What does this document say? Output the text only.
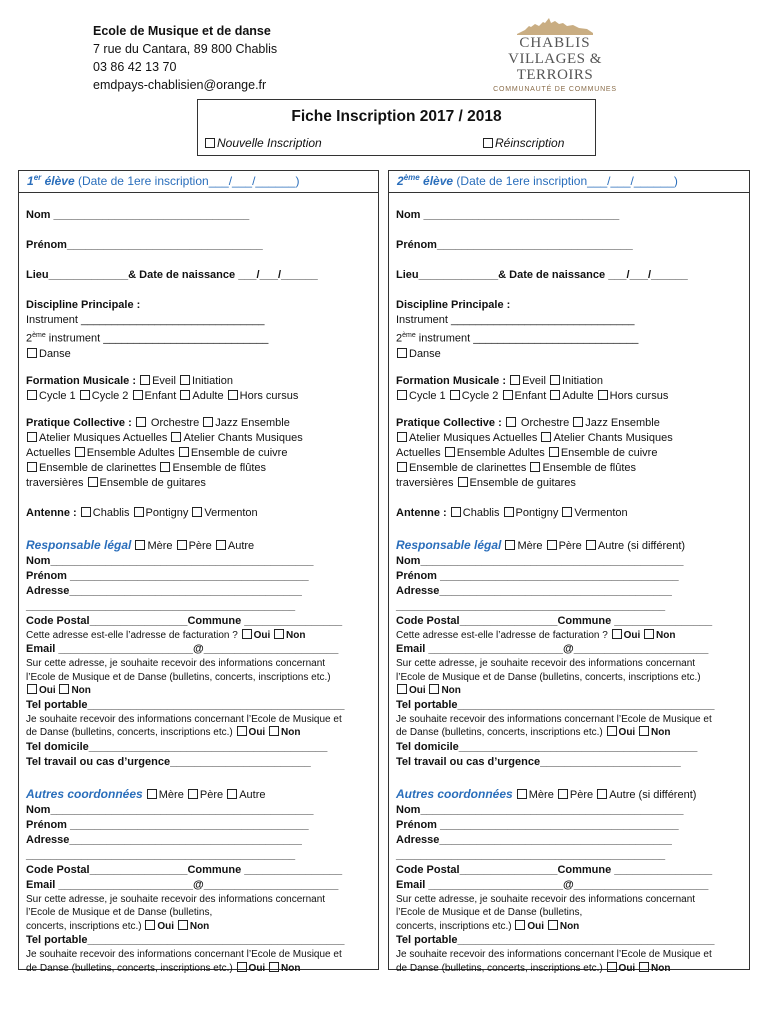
Ecole de Musique et de danse
7 rue du Cantara, 89 800 Chablis
03 86 42 13 70
emdpays-chablisien@orange.fr
CHABLIS
VILLAGES & TERROIRS
COMMUNAUTÉ DE COMMUNES
Fiche Inscription 2017 / 2018
Nouvelle Inscription	Réinscription
1er élève (Date de 1ere inscription___/___/______)
Nom ________________________________
Prénom________________________________
Lieu_____________& Date de naissance ___/___/______
Discipline Principale :
Instrument ______________________________
2ème instrument ___________________________
Danse
Formation Musicale : Eveil Initiation
Cycle 1 Cycle 2 Enfant Adulte Hors cursus
Pratique Collective : Orchestre Jazz Ensemble
Atelier Musiques Actuelles Atelier Chants Musiques
Actuelles Ensemble Adultes Ensemble de cuivre
Ensemble de clarinettes Ensemble de flûtes
traversières Ensemble de guitares
Antenne : Chablis Pontigny Vermenton
Responsable légal Mère Père Autre
Nom___________________________________________
Prénom _______________________________________
Adresse______________________________________
____________________________________________
Code Postal________________Commune ________________
Cette adresse est-elle l’adresse de facturation ? Oui Non
Email ______________________@______________________
Sur cette adresse, je souhaite recevoir des informations concernant
l’Ecole de Musique et de Danse (bulletins, concerts, inscriptions etc.)
Oui Non
Tel portable__________________________________________
Je souhaite recevoir des informations concernant l’Ecole de Musique et
de Danse (bulletins, concerts, inscriptions etc.) Oui Non
Tel domicile_______________________________________
Tel travail ou cas d’urgence_______________________
Autres coordonnées Mère Père Autre
Nom___________________________________________
Prénom _______________________________________
Adresse______________________________________
____________________________________________
Code Postal________________Commune ________________
Email ______________________@______________________
Sur cette adresse, je souhaite recevoir des informations concernant
l’Ecole de Musique et de Danse (bulletins,
concerts, inscriptions etc.) Oui Non
Tel portable__________________________________________
Je souhaite recevoir des informations concernant l’Ecole de Musique et
de Danse (bulletins, concerts, inscriptions etc.) Oui Non
2ème élève (Date de 1ere inscription___/___/______)
Nom ________________________________
Prénom________________________________
Lieu_____________& Date de naissance ___/___/______
Discipline Principale :
Instrument ______________________________
2ème instrument ___________________________
Danse
Formation Musicale : Eveil Initiation
Cycle 1 Cycle 2 Enfant Adulte Hors cursus
Pratique Collective : Orchestre Jazz Ensemble
Atelier Musiques Actuelles Atelier Chants Musiques
Actuelles Ensemble Adultes Ensemble de cuivre
Ensemble de clarinettes Ensemble de flûtes
traversières Ensemble de guitares
Antenne : Chablis Pontigny Vermenton
Responsable légal Mère Père Autre (si différent)
Nom___________________________________________
Prénom _______________________________________
Adresse______________________________________
____________________________________________
Code Postal________________Commune ________________
Cette adresse est-elle l’adresse de facturation ? Oui Non
Email ______________________@______________________
Sur cette adresse, je souhaite recevoir des informations concernant
l’Ecole de Musique et de Danse (bulletins, concerts, inscriptions etc.)
Oui Non
Tel portable__________________________________________
Je souhaite recevoir des informations concernant l’Ecole de Musique et
de Danse (bulletins, concerts, inscriptions etc.) Oui Non
Tel domicile_______________________________________
Tel travail ou cas d’urgence_______________________
Autres coordonnées Mère Père Autre (si différent)
Nom___________________________________________
Prénom _______________________________________
Adresse______________________________________
____________________________________________
Code Postal________________Commune ________________
Email ______________________@______________________
Sur cette adresse, je souhaite recevoir des informations concernant
l’Ecole de Musique et de Danse (bulletins,
concerts, inscriptions etc.) Oui Non
Tel portable__________________________________________
Je souhaite recevoir des informations concernant l’Ecole de Musique et
de Danse (bulletins, concerts, inscriptions etc.) Oui Non
